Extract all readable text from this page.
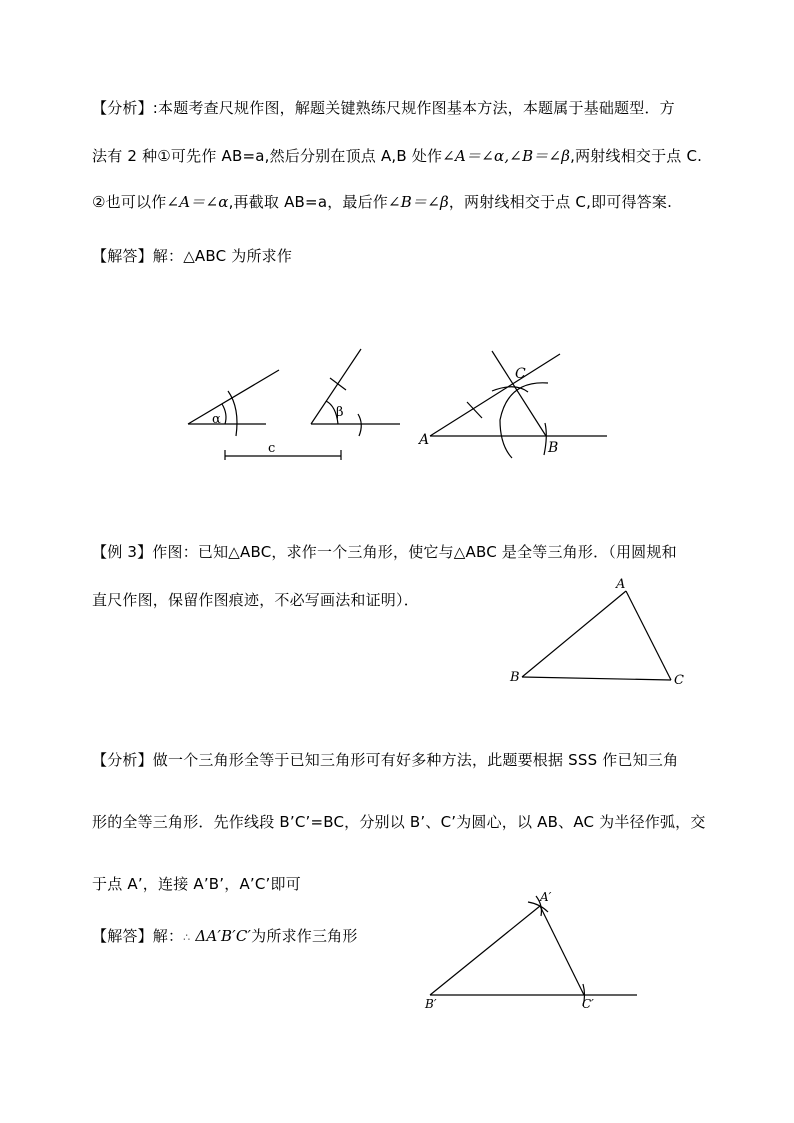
【分析】:本题考查尺规作图，解题关键熟练尺规作图基本方法，本题属于基础题型．方
法有 2 种①可先作 AB=a,然后分别在顶点 A,B 处作∠A＝∠α,∠B＝∠β,两射线相交于点 C.
②也可以作∠A＝∠α,再截取 AB=a，最后作∠B＝∠β，两射线相交于点 C,即可得答案.
【解答】解：△ABC 为所求作
α	β
c
A	B
C
【例 3】作图：已知△ABC，求作一个三角形，使它与△ABC 是全等三角形．（用圆规和
直尺作图，保留作图痕迹，不必写画法和证明）．
A
B	C
【分析】做一个三角形全等于已知三角形可有好多种方法，此题要根据 SSS 作已知三角
形的全等三角形．先作线段 B’C’=BC，分别以 B’、C’为圆心，以 AB、AC 为半径作弧，交
于点 A’，连接 A’B’，A’C’即可
【解答】解：∴ ΔA′B′C′为所求作三角形
A′
B′	C′
